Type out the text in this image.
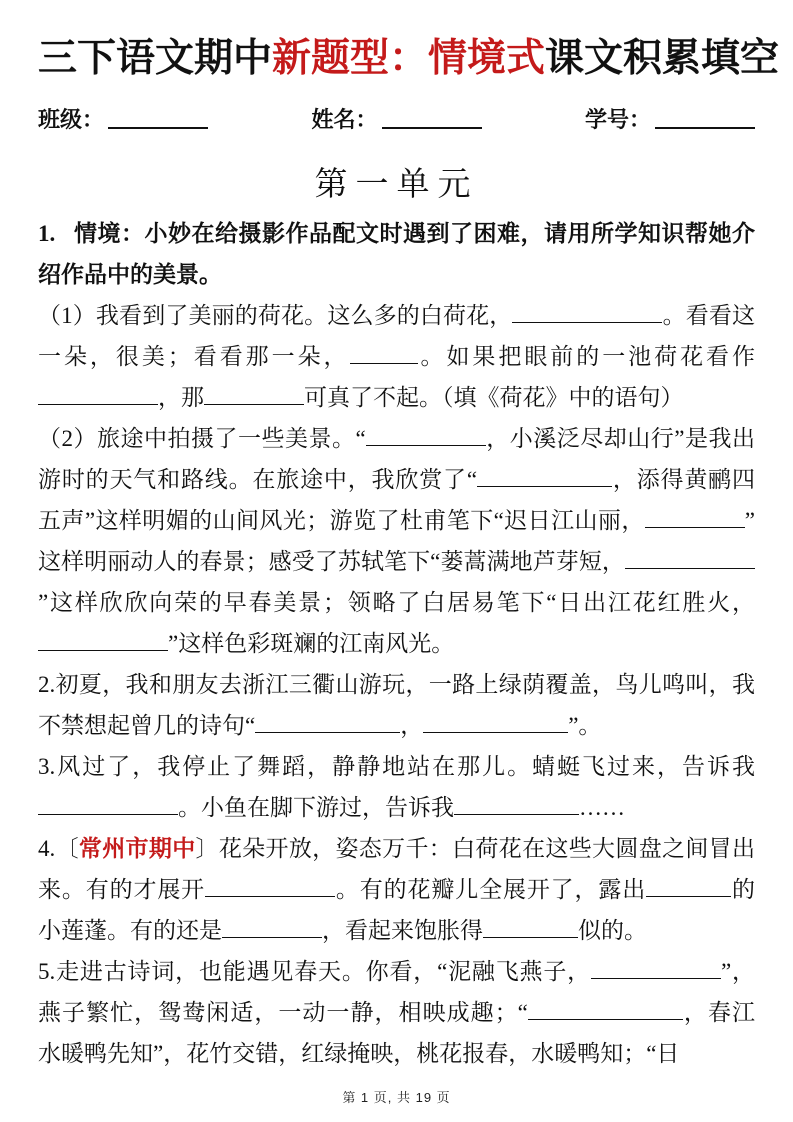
三下语文期中新题型：情境式课文积累填空
班级：	姓名：	学号：
第一单元

1.   情境：小妙在给摄影作品配文时遇到了困难，请用所学知识帮她介绍作品中的美景。

（1）我看到了美丽的荷花。这么多的白荷花，	。看看这一朵，很美；看看那一朵，	。如果把眼前的一池荷花看作，那	可真了不起。（填《荷花》中的语句）

（2）旅途中拍摄了一些美景。“	，小溪泛尽却山行”是我出游时的天气和路线。在旅途中，我欣赏了“	，添得黄鹂四五声”这样明媚的山间风光；游览了杜甫笔下“迟日江山丽，	”这样明丽动人的春景；感受了苏轼笔下“蒌蒿满地芦芽短，”这样欣欣向荣的早春美景；领略了白居易笔下“日出江花红胜火，”这样色彩斑斓的江南风光。

2.初夏，我和朋友去浙江三衢山游玩，一路上绿荫覆盖，鸟儿鸣叫，我不禁想起曾几的诗句“	，	”。

3.风过了，我停止了舞蹈，静静地站在那儿。蜻蜓飞过来，告诉我。小鱼在脚下游过，告诉我	……

4.〔常州市期中〕花朵开放，姿态万千：白荷花在这些大圆盘之间冒出来。有的才展开	。有的花瓣儿全展开了，露出	的小莲蓬。有的还是	，看起来饱胀得	似的。

5.走进古诗词，也能遇见春天。你看，“泥融飞燕子，	”，燕子繁忙，鸳鸯闲适，一动一静，相映成趣；“	，春江水暖鸭先知”，花竹交错，红绿掩映，桃花报春，水暖鸭知；“日

第 1 页, 共 19 页
